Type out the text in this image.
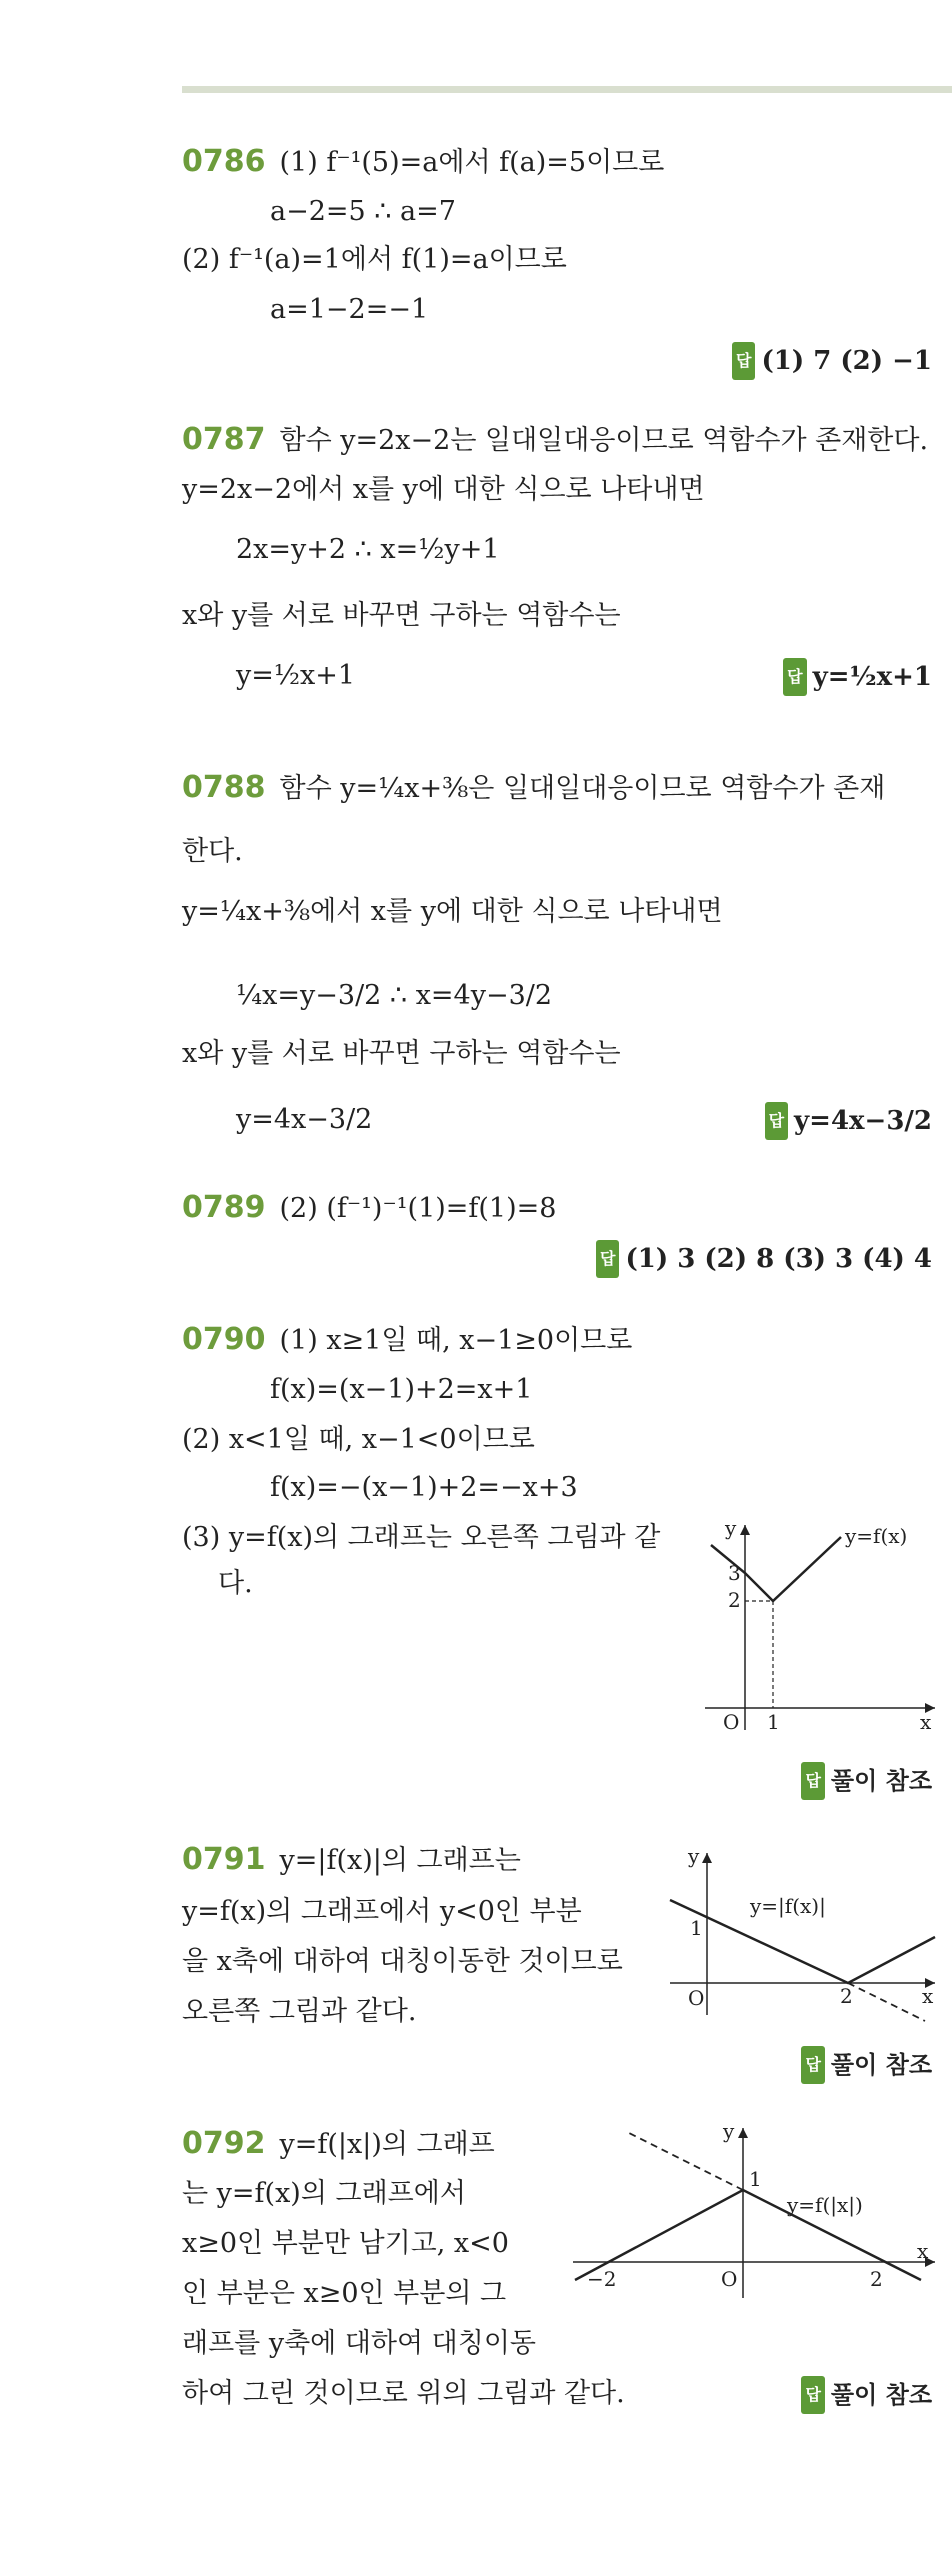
0786 (1) f⁻¹(5)=a에서 f(a)=5이므로
a−2=5 ∴ a=7
(2) f⁻¹(a)=1에서 f(1)=a이므로
a=1−2=−1
답 (1) 7 (2) −1
0787 함수 y=2x−2는 일대일대응이므로 역함수가 존재한다.
y=2x−2에서 x를 y에 대한 식으로 나타내면
2x=y+2 ∴ x=½y+1
x와 y를 서로 바꾸면 구하는 역함수는
y=½x+1	답 y=½x+1
0788 함수 y=¼x+⅜은 일대일대응이므로 역함수가 존재
한다.
y=¼x+⅜에서 x를 y에 대한 식으로 나타내면
¼x=y−3/2 ∴ x=4y−3/2
x와 y를 서로 바꾸면 구하는 역함수는
y=4x−3/2	답 y=4x−3/2
0789 (2) (f⁻¹)⁻¹(1)=f(1)=8
답 (1) 3 (2) 8 (3) 3 (4) 4
0790 (1) x≥1일 때, x−1≥0이므로
f(x)=(x−1)+2=x+1
(2) x<1일 때, x−1<0이므로
f(x)=−(x−1)+2=−x+3
(3) y=f(x)의 그래프는 오른쪽 그림과 같
다.	3
2
1
O	x
y	y=f(x)
답 풀이 참조
0791 y=|f(x)|의 그래프는
y=f(x)의 그래프에서 y<0인 부분
을 x축에 대하여 대칭이동한 것이므로
오른쪽 그림과 같다.
1
O	2	x
y
y=|f(x)|
답 풀이 참조
0792 y=f(|x|)의 그래프
는 y=f(x)의 그래프에서
x≥0인 부분만 남기고, x<0
인 부분은 x≥0인 부분의 그
래프를 y축에 대하여 대칭이동
하여 그린 것이므로 위의 그림과 같다.
1
−2	O	2
x
y
y=f(|x|)
답 풀이 참조
